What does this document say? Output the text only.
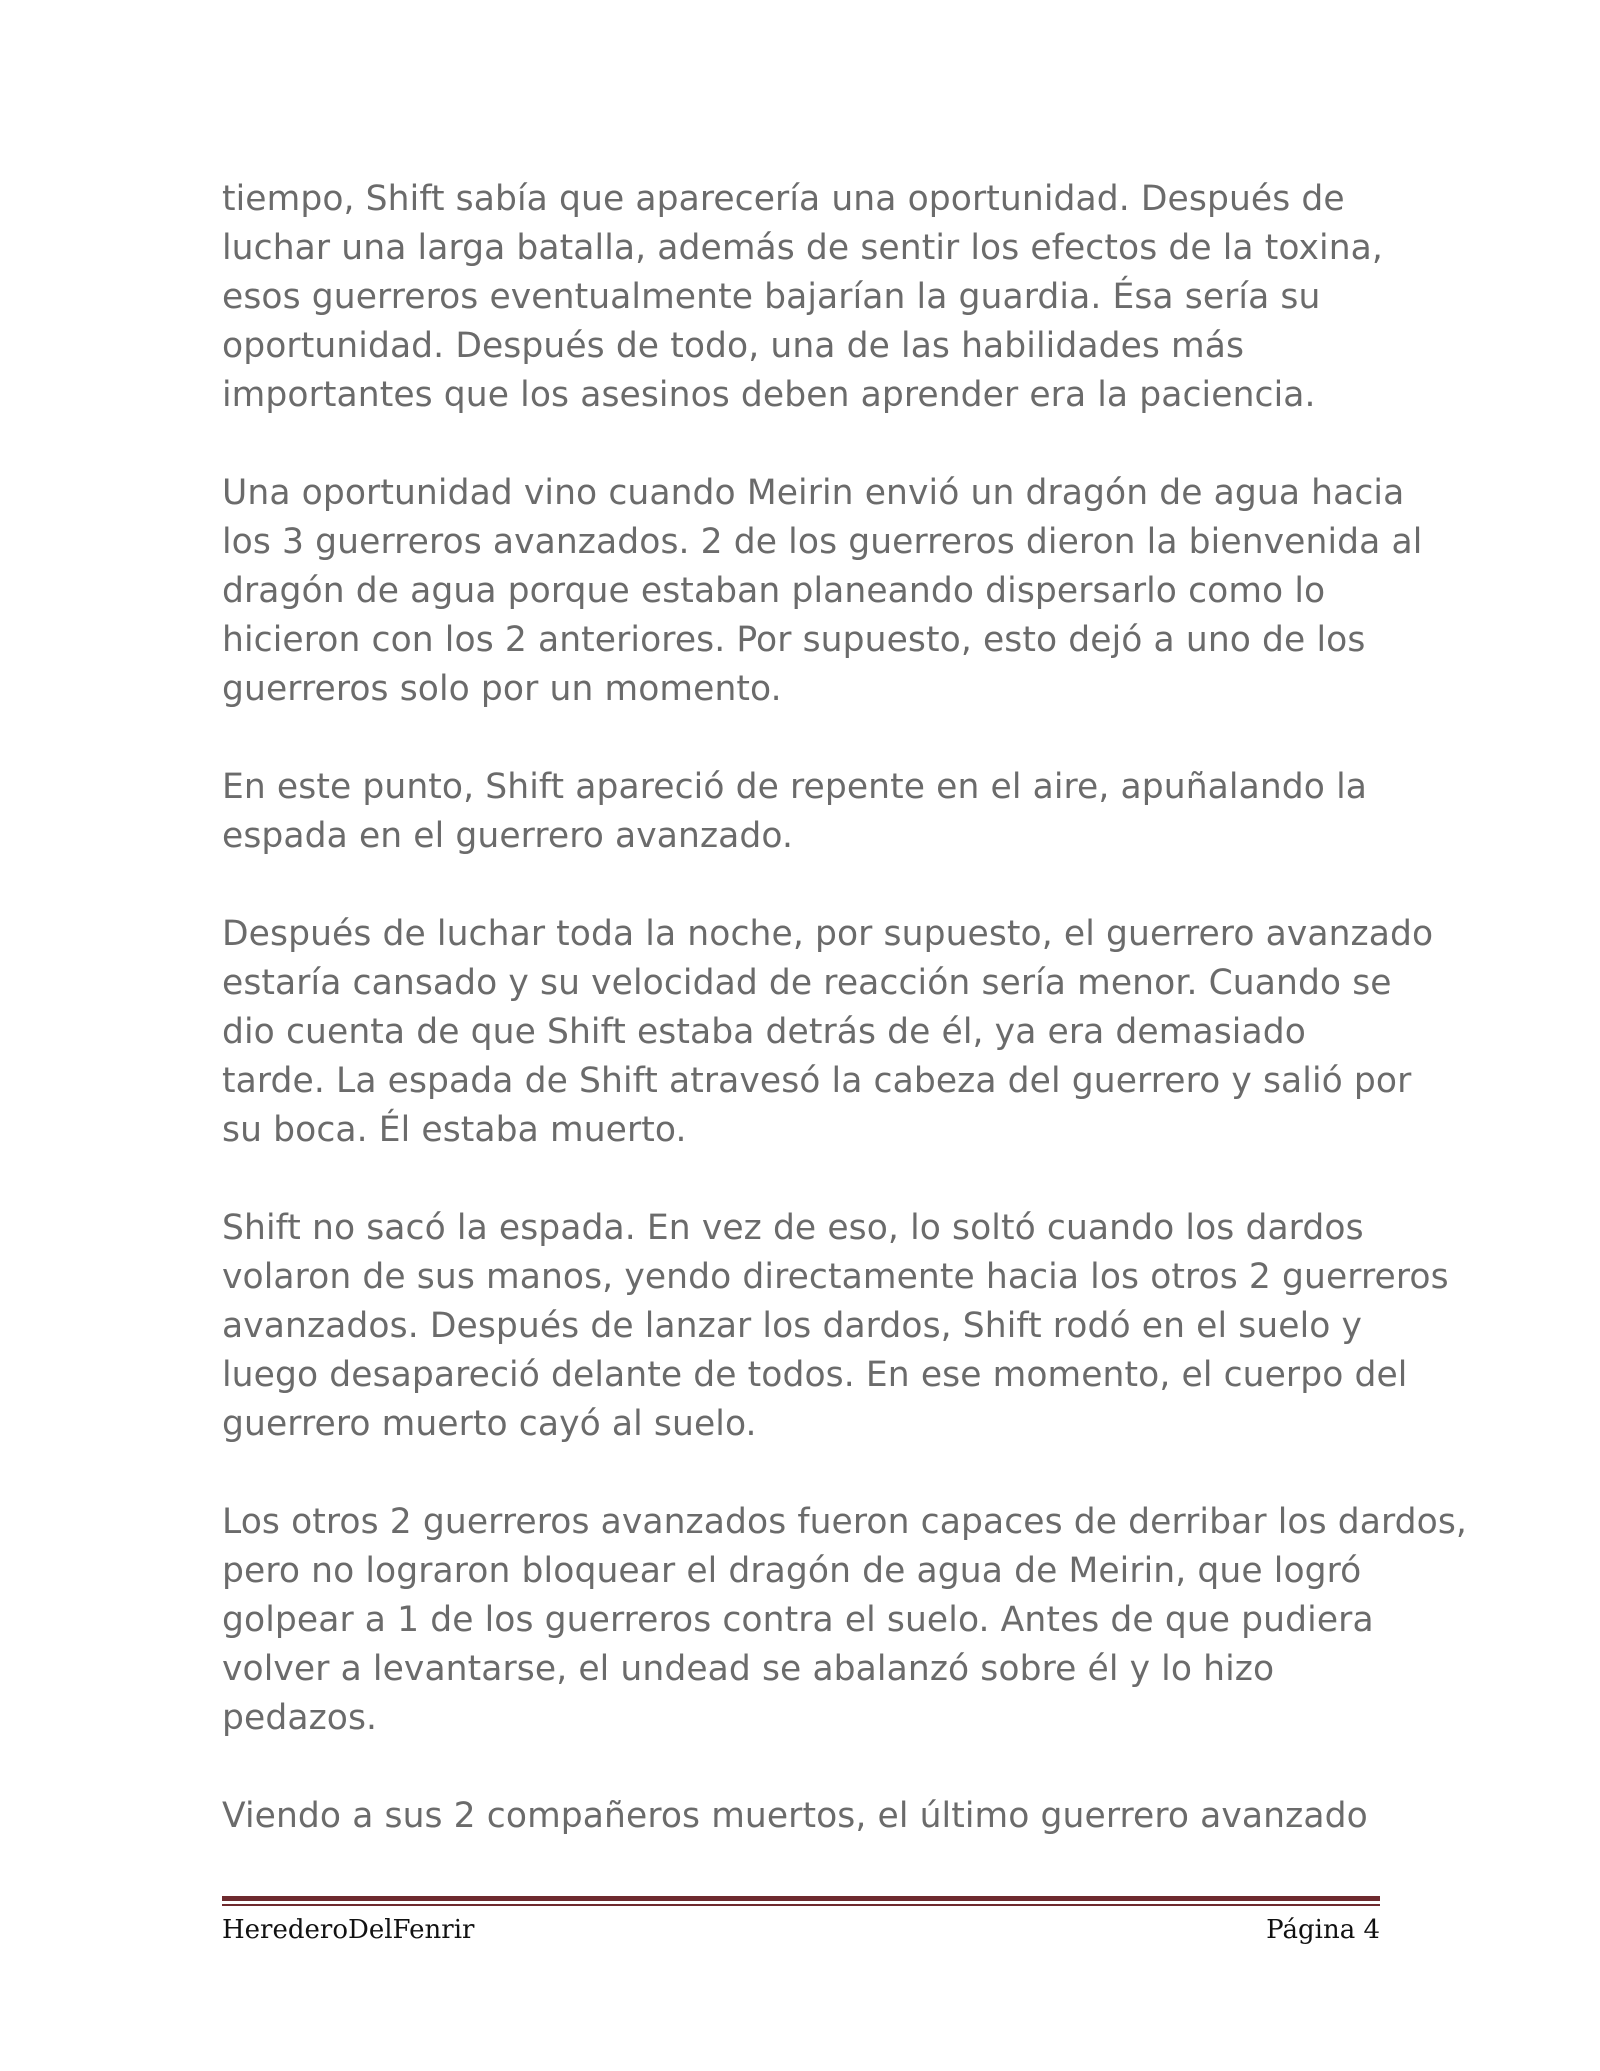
tiempo, Shift sabía que aparecería una oportunidad. Después de
luchar una larga batalla, además de sentir los efectos de la toxina,
esos guerreros eventualmente bajarían la guardia. Ésa sería su
oportunidad. Después de todo, una de las habilidades más
importantes que los asesinos deben aprender era la paciencia.

Una oportunidad vino cuando Meirin envió un dragón de agua hacia
los 3 guerreros avanzados. 2 de los guerreros dieron la bienvenida al
dragón de agua porque estaban planeando dispersarlo como lo
hicieron con los 2 anteriores. Por supuesto, esto dejó a uno de los
guerreros solo por un momento.

En este punto, Shift apareció de repente en el aire, apuñalando la
espada en el guerrero avanzado.

Después de luchar toda la noche, por supuesto, el guerrero avanzado
estaría cansado y su velocidad de reacción sería menor. Cuando se
dio cuenta de que Shift estaba detrás de él, ya era demasiado
tarde. La espada de Shift atravesó la cabeza del guerrero y salió por
su boca. Él estaba muerto.

Shift no sacó la espada. En vez de eso, lo soltó cuando los dardos
volaron de sus manos, yendo directamente hacia los otros 2 guerreros
avanzados. Después de lanzar los dardos, Shift rodó en el suelo y
luego desapareció delante de todos. En ese momento, el cuerpo del
guerrero muerto cayó al suelo.

Los otros 2 guerreros avanzados fueron capaces de derribar los dardos,
pero no lograron bloquear el dragón de agua de Meirin, que logró
golpear a 1 de los guerreros contra el suelo. Antes de que pudiera
volver a levantarse, el undead se abalanzó sobre él y lo hizo
pedazos.

Viendo a sus 2 compañeros muertos, el último guerrero avanzado

HerederoDelFenrir	Página 4
